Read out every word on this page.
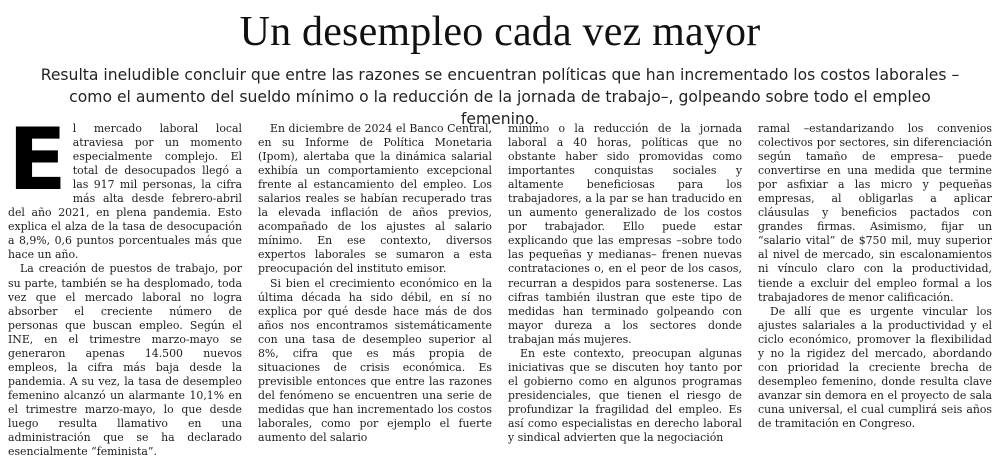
Un desempleo cada vez mayor

Resulta ineludible concluir que entre las razones se encuentran políticas que han incrementado los costos laborales –como el aumento del sueldo mínimo o la reducción de la jornada de trabajo–, golpeando sobre todo el empleo femenino.

E l mercado laboral local atraviesa por un momento especialmente complejo. El total de desocupados llegó a las 917 mil personas, la cifra más alta desde febrero-abril del año 2021, en plena pandemia. Esto explica el alza de la tasa de desocupación a 8,9%, 0,6 puntos porcentuales más que hace un año.

La creación de puestos de trabajo, por su parte, también se ha desplomado, toda vez que el mercado laboral no logra absorber el creciente número de personas que buscan empleo. Según el INE, en el trimestre marzo-mayo se generaron apenas 14.500 nuevos empleos, la cifra más baja desde la pandemia. A su vez, la tasa de desempleo femenino alcanzó un alarmante 10,1% en el trimestre marzo-mayo, lo que desde luego resulta llamativo en una administración que se ha declarado esencialmente “feminista”.

En diciembre de 2024 el Banco Central, en su Informe de Política Monetaria (Ipom), alertaba que la dinámica salarial exhibía un comportamiento excepcional frente al estancamiento del empleo. Los salarios reales se habían recuperado tras la elevada inflación de años previos, acompañado de los ajustes al salario mínimo. En ese contexto, diversos expertos laborales se sumaron a esta preocupación del instituto emisor.

Si bien el crecimiento económico en la última década ha sido débil, en sí no explica por qué desde hace más de dos años nos encontramos sistemáticamente con una tasa de desempleo superior al 8%, cifra que es más propia de situaciones de crisis económica. Es previsible entonces que entre las razones del fenómeno se encuentren una serie de medidas que han incrementado los costos laborales, como por ejemplo el fuerte aumento del salario

mínimo o la reducción de la jornada laboral a 40 horas, políticas que no obstante haber sido promovidas como importantes conquistas sociales y altamente beneficiosas para los trabajadores, a la par se han traducido en un aumento generalizado de los costos por trabajador. Ello puede estar explicando que las empresas –sobre todo las pequeñas y medianas– frenen nuevas contrataciones o, en el peor de los casos, recurran a despidos para sostenerse. Las cifras también ilustran que este tipo de medidas han terminado golpeando con mayor dureza a los sectores donde trabajan más mujeres.

En este contexto, preocupan algunas iniciativas que se discuten hoy tanto por el gobierno como en algunos programas presidenciales, que tienen el riesgo de profundizar la fragilidad del empleo. Es así como especialistas en derecho laboral y sindical advierten que la negociación

ramal –estandarizando los convenios colectivos por sectores, sin diferenciación según tamaño de empresa– puede convertirse en una medida que termine por asfixiar a las micro y pequeñas empresas, al obligarlas a aplicar cláusulas y beneficios pactados con grandes firmas. Asimismo, fijar un “salario vital” de $750 mil, muy superior al nivel de mercado, sin escalonamientos ni vínculo claro con la productividad, tiende a excluir del empleo formal a los trabajadores de menor calificación.

De allí que es urgente vincular los ajustes salariales a la productividad y el ciclo económico, promover la flexibilidad y no la rigidez del mercado, abordando con prioridad la creciente brecha de desempleo femenino, donde resulta clave avanzar sin demora en el proyecto de sala cuna universal, el cual cumplirá seis años de tramitación en Congreso.
